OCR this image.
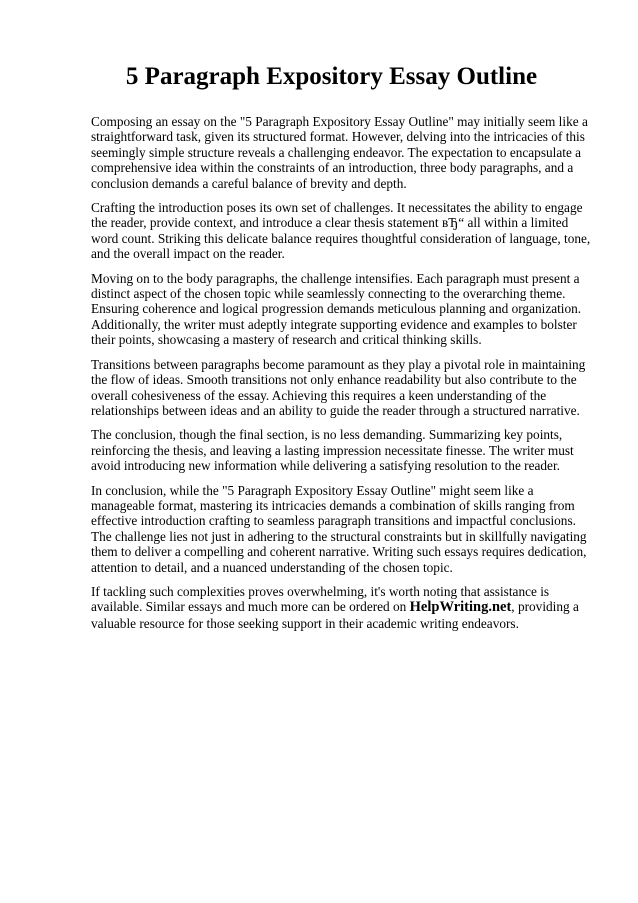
5 Paragraph Expository Essay Outline

Composing an essay on the "5 Paragraph Expository Essay Outline" may initially seem like a straightforward task, given its structured format. However, delving into the intricacies of this seemingly simple structure reveals a challenging endeavor. The expectation to encapsulate a comprehensive idea within the constraints of an introduction, three body paragraphs, and a conclusion demands a careful balance of brevity and depth.

Crafting the introduction poses its own set of challenges. It necessitates the ability to engage the reader, provide context, and introduce a clear thesis statement вЂ“ all within a limited word count. Striking this delicate balance requires thoughtful consideration of language, tone, and the overall impact on the reader.

Moving on to the body paragraphs, the challenge intensifies. Each paragraph must present a distinct aspect of the chosen topic while seamlessly connecting to the overarching theme. Ensuring coherence and logical progression demands meticulous planning and organization. Additionally, the writer must adeptly integrate supporting evidence and examples to bolster their points, showcasing a mastery of research and critical thinking skills.

Transitions between paragraphs become paramount as they play a pivotal role in maintaining the flow of ideas. Smooth transitions not only enhance readability but also contribute to the overall cohesiveness of the essay. Achieving this requires a keen understanding of the relationships between ideas and an ability to guide the reader through a structured narrative.

The conclusion, though the final section, is no less demanding. Summarizing key points, reinforcing the thesis, and leaving a lasting impression necessitate finesse. The writer must avoid introducing new information while delivering a satisfying resolution to the reader.

In conclusion, while the "5 Paragraph Expository Essay Outline" might seem like a manageable format, mastering its intricacies demands a combination of skills ranging from effective introduction crafting to seamless paragraph transitions and impactful conclusions. The challenge lies not just in adhering to the structural constraints but in skillfully navigating them to deliver a compelling and coherent narrative. Writing such essays requires dedication, attention to detail, and a nuanced understanding of the chosen topic.

If tackling such complexities proves overwhelming, it's worth noting that assistance is available. Similar essays and much more can be ordered on HelpWriting.net, providing a valuable resource for those seeking support in their academic writing endeavors.
